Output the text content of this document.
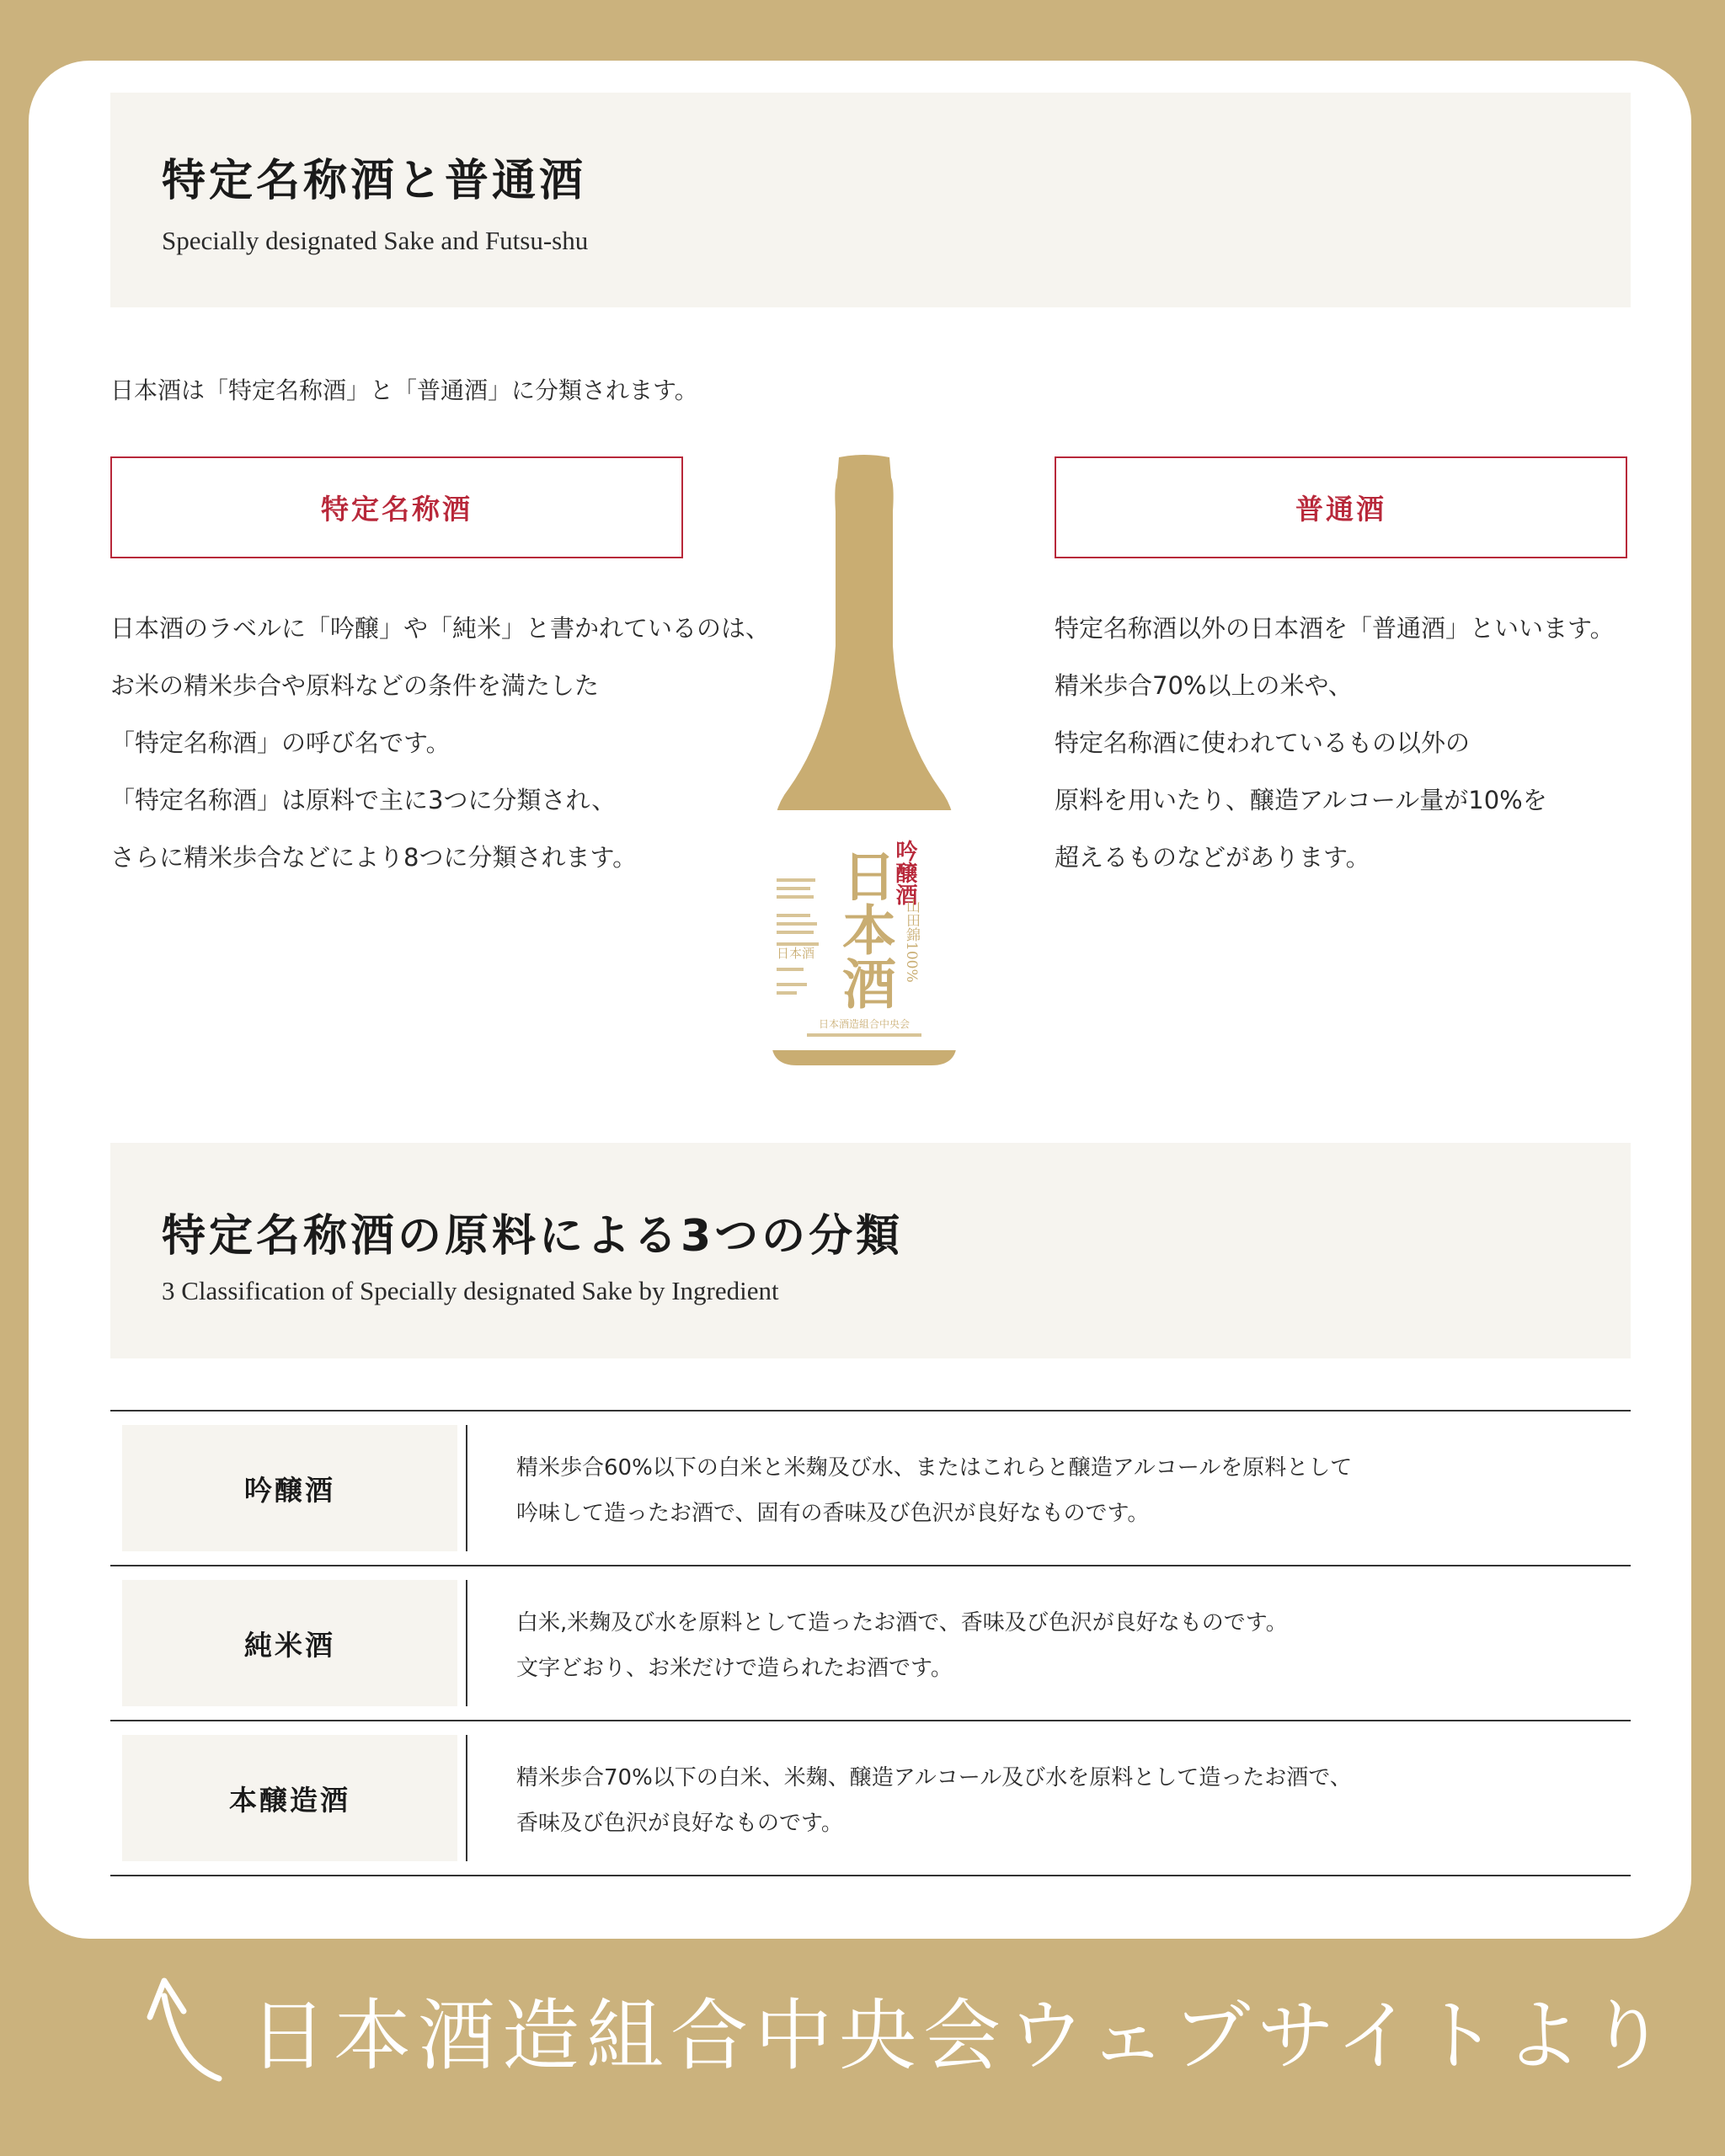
特定名称酒と普通酒
Specially designated Sake and Futsu-shu
日本酒は「特定名称酒」と「普通酒」に分類されます。
特定名称酒	普通酒
日本酒のラベルに「吟醸」や「純米」と書かれているのは、
お米の精米歩合や原料などの条件を満たした
「特定名称酒」の呼び名です。
「特定名称酒」は原料で主に3つに分類され、
さらに精米歩合などにより8つに分類されます。
特定名称酒以外の日本酒を「普通酒」といいます。
精米歩合70%以上の米や、
特定名称酒に使われているもの以外の
原料を用いたり、醸造アルコール量が10%を
超えるものなどがあります。
吟醸酒
日本酒 山田錦100%
日本酒
日本酒造組合中央会
特定名称酒の原料による3つの分類
3 Classification of Specially designated Sake by Ingredient
吟醸酒
精米歩合60%以下の白米と米麹及び水、またはこれらと醸造アルコールを原料として
吟味して造ったお酒で、固有の香味及び色沢が良好なものです。
純米酒
白米,米麹及び水を原料として造ったお酒で、香味及び色沢が良好なものです。
文字どおり、お米だけで造られたお酒です。
本醸造酒
精米歩合70%以下の白米、米麹、醸造アルコール及び水を原料として造ったお酒で、
香味及び色沢が良好なものです。
日本酒造組合中央会ウェブサイトより
